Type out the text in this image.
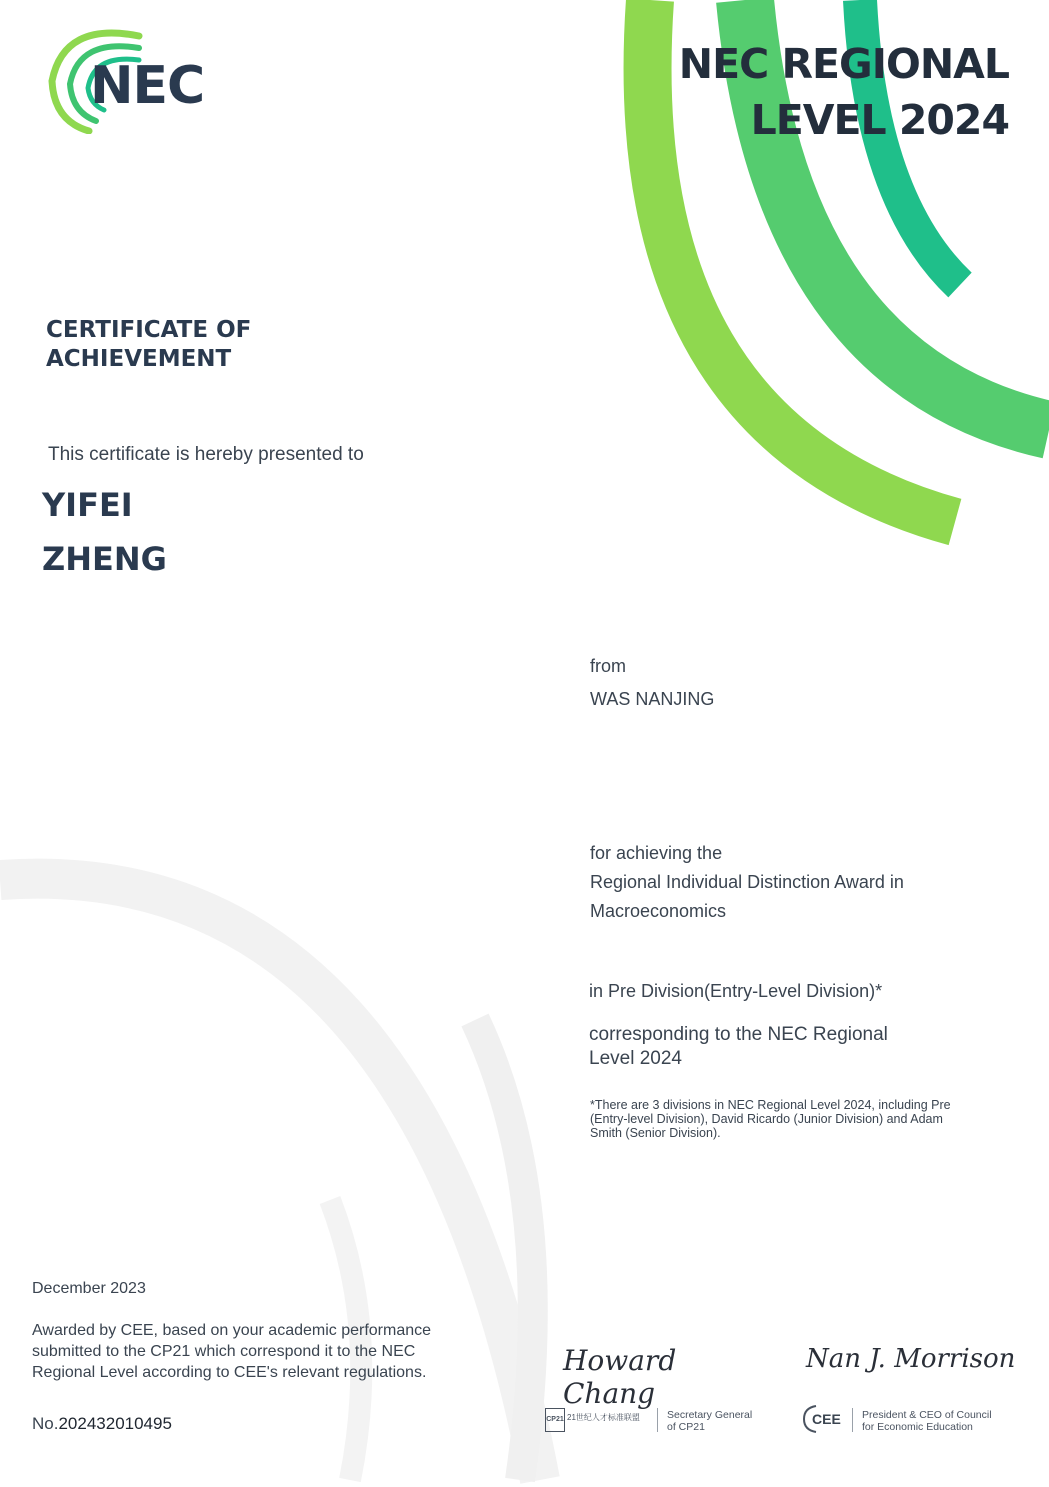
NEC	NEC REGIONAL
LEVEL 2024
CERTIFICATE OF
ACHIEVEMENT
This certificate is hereby presented to
YIFEI
ZHENG
from
WAS NANJING
for achieving the
Regional Individual Distinction Award in
Macroeconomics
in Pre Division(Entry-Level Division)*
corresponding to the NEC Regional
Level 2024
*There are 3 divisions in NEC Regional Level 2024, including Pre
(Entry-level Division), David Ricardo (Junior Division) and Adam
Smith (Senior Division).
December 2023
Awarded by CEE, based on your academic performance
submitted to the CP21 which correspond it to the NEC
Regional Level according to CEE's relevant regulations.
No.202432010495
Howard Chang
CP21 21世纪人才标准联盟	Secretary General
of CP21
Nan J. Morrison
CEE President & CEO of Council
for Economic Education
